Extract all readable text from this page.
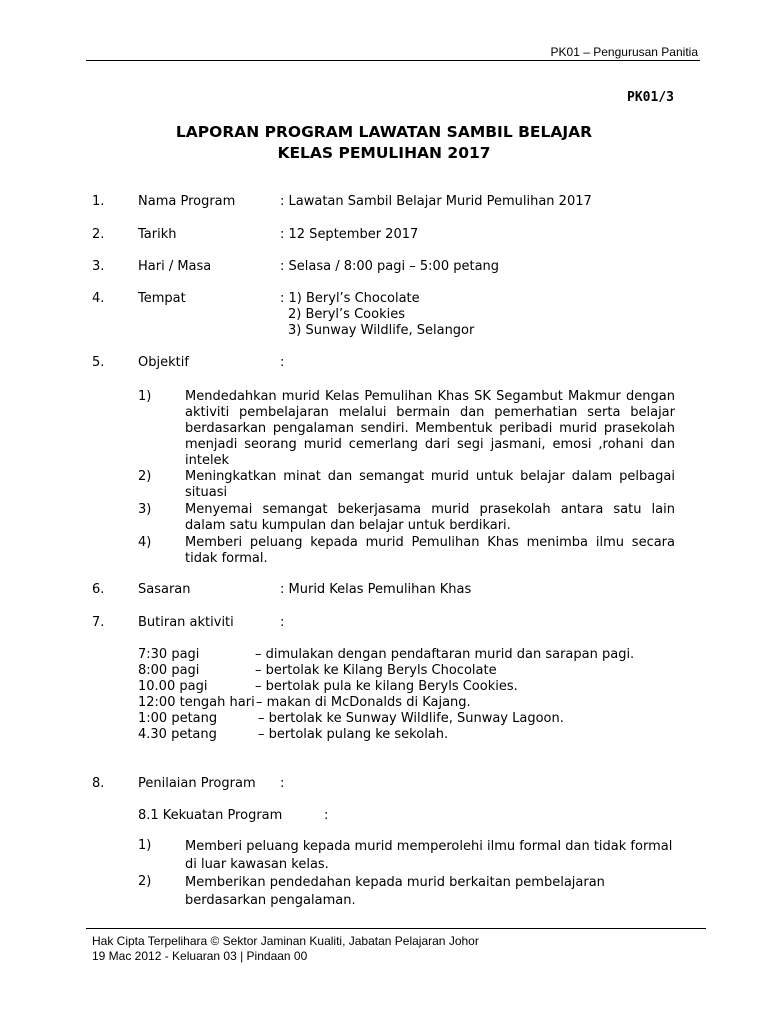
PK01 – Pengurusan Panitia
PK01/3
LAPORAN PROGRAM LAWATAN SAMBIL BELAJAR
KELAS PEMULIHAN 2017
1.	Nama Program	: Lawatan Sambil Belajar Murid Pemulihan 2017
2.	Tarikh	: 12 September 2017
3.	Hari / Masa	: Selasa / 8:00 pagi – 5:00 petang
4.	Tempat	: 1) Beryl’s Chocolate
2) Beryl’s Cookies
3) Sunway Wildlife, Selangor
5.	Objektif	:
1)	Mendedahkan murid Kelas Pemulihan Khas SK Segambut Makmur dengan aktiviti pembelajaran melalui bermain dan pemerhatian serta belajar berdasarkan pengalaman sendiri. Membentuk peribadi murid prasekolah menjadi seorang murid cemerlang dari segi jasmani, emosi ,rohani dan intelek
2)	Meningkatkan minat dan semangat murid untuk belajar dalam pelbagai situasi
3)	Menyemai semangat bekerjasama murid prasekolah antara satu lain dalam satu kumpulan dan belajar untuk berdikari.
4)	Memberi peluang kepada murid Pemulihan Khas menimba ilmu secara tidak formal.
6.	Sasaran	: Murid Kelas Pemulihan Khas
7.	Butiran aktiviti	:
7:30 pagi	– dimulakan dengan pendaftaran murid dan sarapan pagi.
8:00 pagi	– bertolak ke Kilang Beryls Chocolate
10.00 pagi	– bertolak pula ke kilang Beryls Cookies.
12:00 tengah hari – makan di McDonalds di Kajang.
1:00 petang	– bertolak ke Sunway Wildlife, Sunway Lagoon.
4.30 petang	– bertolak pulang ke sekolah.
8.	Penilaian Program :
8.1 Kekuatan Program	:
1)	Memberi peluang kepada murid memperolehi ilmu formal dan tidak formal di luar kawasan kelas.
2)	Memberikan pendedahan kepada murid berkaitan pembelajaran berdasarkan pengalaman.
Hak Cipta Terpelihara © Sektor Jaminan Kualiti, Jabatan Pelajaran Johor
19 Mac 2012 - Keluaran 03 | Pindaan 00
